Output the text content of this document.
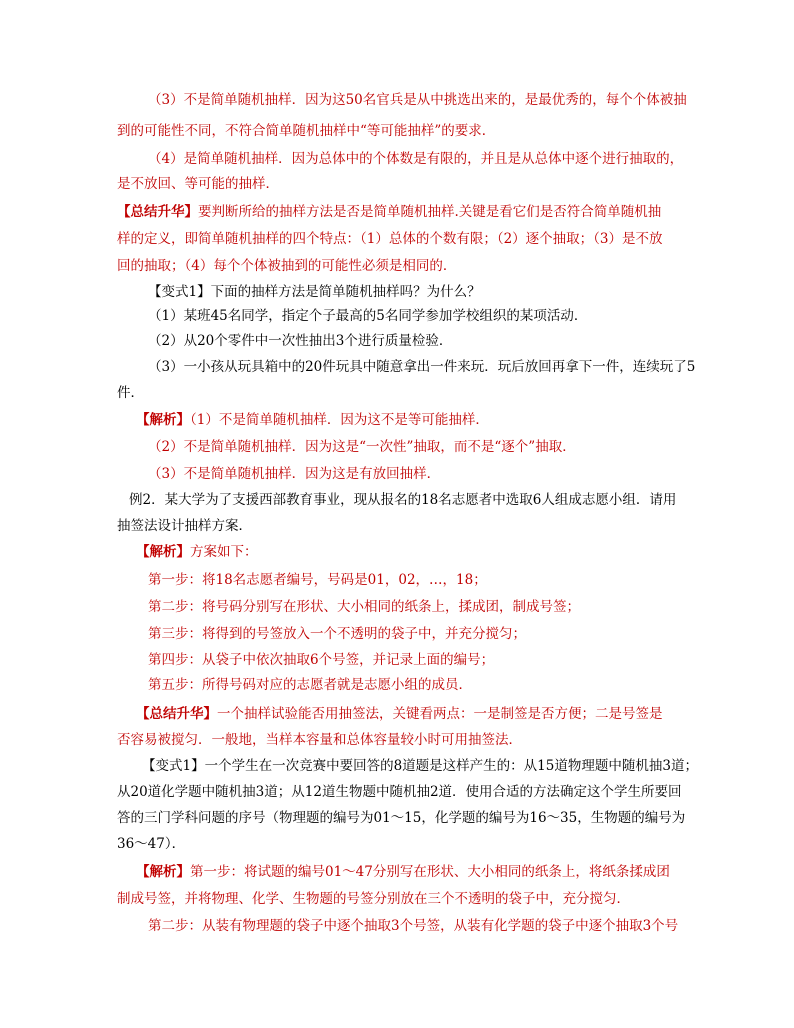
（3）不是简单随机抽样．因为这50名官兵是从中挑选出来的，是最优秀的，每个个体被抽
到的可能性不同，不符合简单随机抽样中“等可能抽样”的要求．
（4）是简单随机抽样．因为总体中的个体数是有限的，并且是从总体中逐个进行抽取的，
是不放回、等可能的抽样．
【总结升华】要判断所给的抽样方法是否是简单随机抽样.关键是看它们是否符合简单随机抽
样的定义，即简单随机抽样的四个特点：（1）总体的个数有限；（2）逐个抽取；（3）是不放
回的抽取；（4）每个个体被抽到的可能性必须是相同的．
【变式1】下面的抽样方法是简单随机抽样吗？为什么？
（1）某班45名同学，指定个子最高的5名同学参加学校组织的某项活动．
（2）从20个零件中一次性抽出3个进行质量检验．
（3）一小孩从玩具箱中的20件玩具中随意拿出一件来玩．玩后放回再拿下一件，连续玩了5
件．
【解析】（1）不是简单随机抽样．因为这不是等可能抽样．
（2）不是简单随机抽样．因为这是“一次性”抽取，而不是“逐个”抽取．
（3）不是简单随机抽样．因为这是有放回抽样．
例2．某大学为了支援西部教育事业，现从报名的18名志愿者中选取6人组成志愿小组．请用
抽签法设计抽样方案．
【解析】方案如下：
第一步：将18名志愿者编号，号码是01，02，…，18；
第二步：将号码分别写在形状、大小相同的纸条上，揉成团，制成号签；
第三步：将得到的号签放入一个不透明的袋子中，并充分搅匀；
第四步：从袋子中依次抽取6个号签，并记录上面的编号；
第五步：所得号码对应的志愿者就是志愿小组的成员．
【总结升华】一个抽样试验能否用抽签法，关键看两点：一是制签是否方便；二是号签是
否容易被搅匀．一般地，当样本容量和总体容量较小时可用抽签法．
【变式1】一个学生在一次竞赛中要回答的8道题是这样产生的：从15道物理题中随机抽3道；
从20道化学题中随机抽3道；从12道生物题中随机抽2道．使用合适的方法确定这个学生所要回
答的三门学科问题的序号（物理题的编号为01～15，化学题的编号为16～35，生物题的编号为
36～47）．
【解析】第一步：将试题的编号01～47分别写在形状、大小相同的纸条上，将纸条揉成团
制成号签，并将物理、化学、生物题的号签分别放在三个不透明的袋子中，充分搅匀．
第二步：从装有物理题的袋子中逐个抽取3个号签，从装有化学题的袋子中逐个抽取3个号
